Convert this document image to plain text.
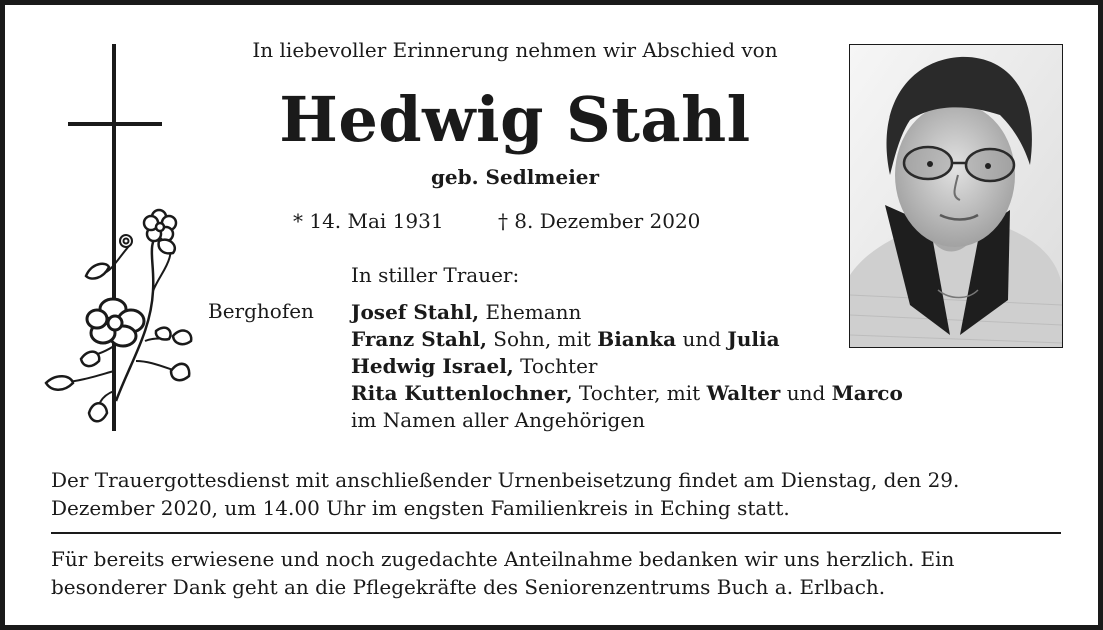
In liebevoller Erinnerung nehmen wir Abschied von
Hedwig Stahl
geb. Sedlmeier
* 14. Mai 1931	† 8. Dezember 2020
In stiller Trauer:
Berghofen Josef Stahl, Ehemann
Franz Stahl, Sohn, mit Bianka und Julia
Hedwig Israel, Tochter
Rita Kuttenlochner, Tochter, mit Walter und Marco
im Namen aller Angehörigen
Der Trauergottesdienst mit anschließender Urnenbeisetzung findet am Dienstag, den 29. Dezember 2020, um 14.00 Uhr im engsten Familienkreis in Eching statt.
Für bereits erwiesene und noch zugedachte Anteilnahme bedanken wir uns herzlich. Ein besonderer Dank geht an die Pflegekräfte des Seniorenzentrums Buch a. Erlbach.
